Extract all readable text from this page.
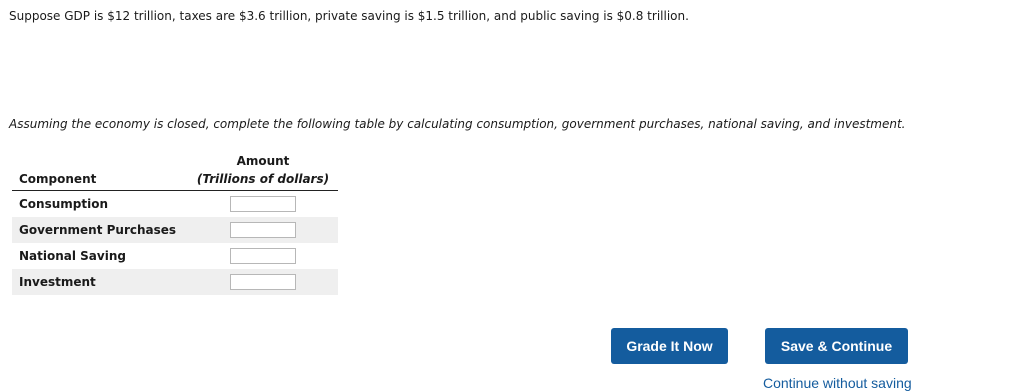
Suppose GDP is $12 trillion, taxes are $3.6 trillion, private saving is $1.5 trillion, and public saving is $0.8 trillion.
Assuming the economy is closed, complete the following table by calculating consumption, government purchases, national saving, and investment.
	Amount
Component	(Trillions of dollars)
Consumption	
Government Purchases	
National Saving	
Investment	
Grade It Now	Save & Continue
Continue without saving
